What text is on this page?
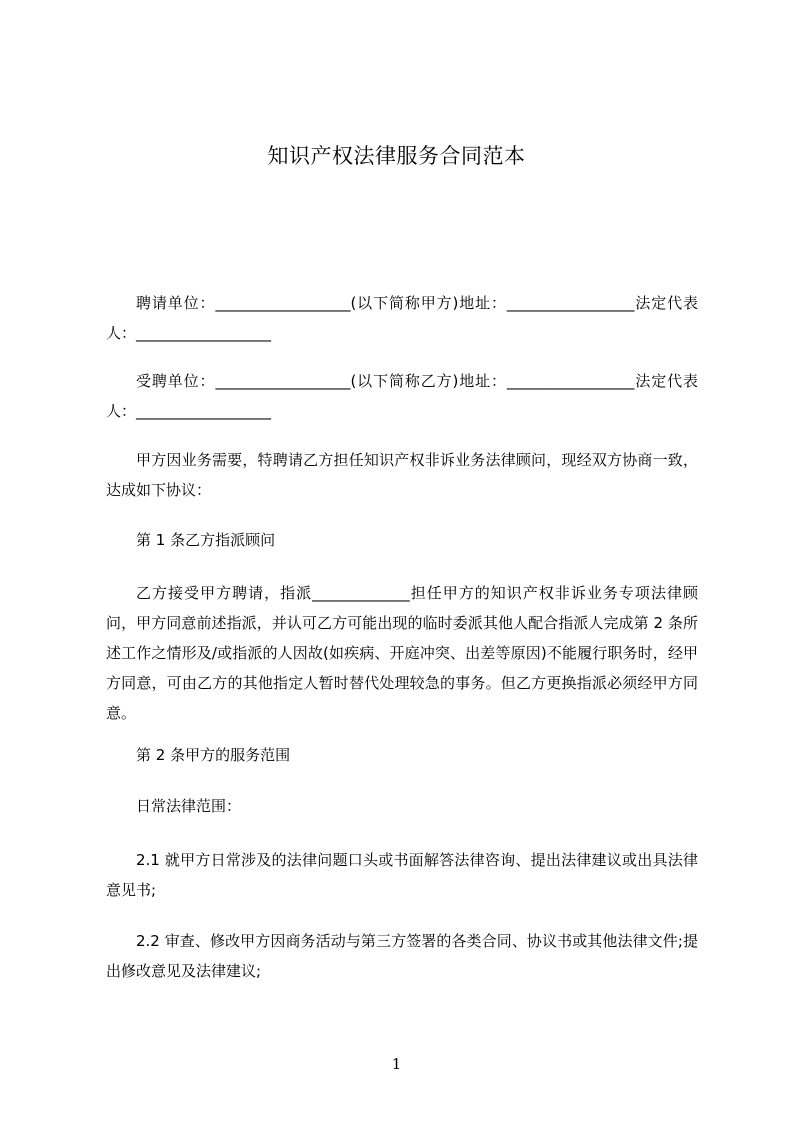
知识产权法律服务合同范本

聘请单位：__________________(以下简称甲方)地址：_________________法定代表人：__________________

受聘单位：__________________(以下简称乙方)地址：_________________法定代表人：__________________

甲方因业务需要，特聘请乙方担任知识产权非诉业务法律顾问，现经双方协商一致，达成如下协议：

第 1 条乙方指派顾问

乙方接受甲方聘请，指派_____________担任甲方的知识产权非诉业务专项法律顾问，甲方同意前述指派，并认可乙方可能出现的临时委派其他人配合指派人完成第 2 条所述工作之情形及/或指派的人因故(如疾病、开庭冲突、出差等原因)不能履行职务时，经甲方同意，可由乙方的其他指定人暂时替代处理较急的事务。但乙方更换指派必须经甲方同意。

第 2 条甲方的服务范围

日常法律范围：

2.1 就甲方日常涉及的法律问题口头或书面解答法律咨询、提出法律建议或出具法律意见书;

2.2 审查、修改甲方因商务活动与第三方签署的各类合同、协议书或其他法律文件;提出修改意见及法律建议;

1
